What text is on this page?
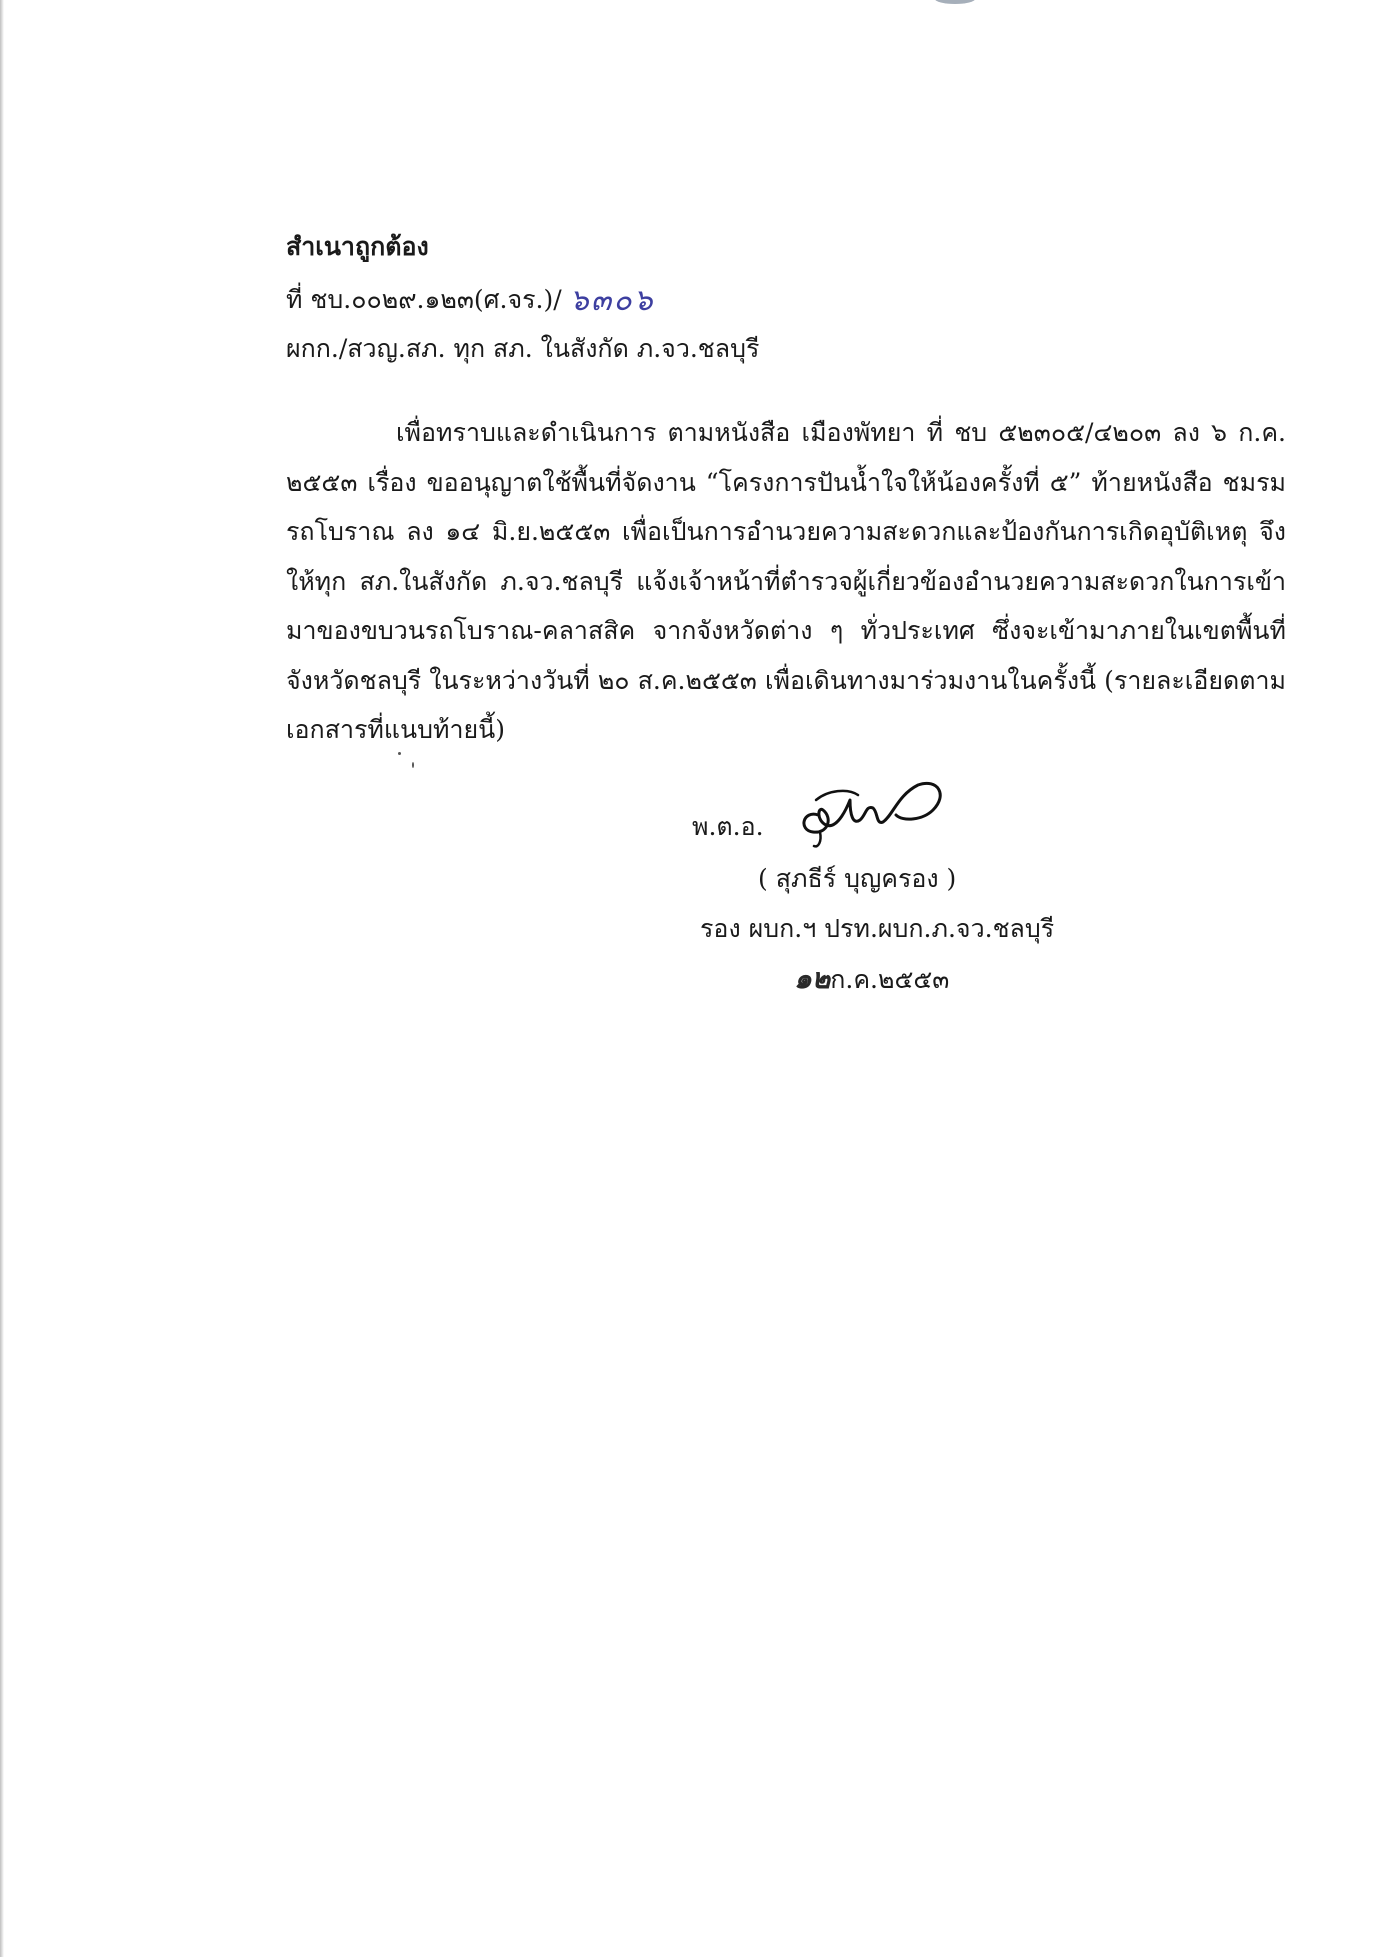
สำเนาถูกต้อง
ที่ ชบ.๐๐๒๙.๑๒๓(ศ.จร.)/ ๖๓๐๖
ผกก./สวญ.สภ. ทุก สภ. ในสังกัด ภ.จว.ชลบุรี
เพื่อทราบและดำเนินการ ตามหนังสือ เมืองพัทยา ที่ ชบ ๕๒๓๐๕/๔๒๐๓ ลง ๖ ก.ค. ๒๕๕๓ เรื่อง ขออนุญาตใช้พื้นที่จัดงาน “โครงการปันน้ำใจให้น้องครั้งที่ ๕” ท้ายหนังสือ ชมรมรถโบราณ ลง ๑๔ มิ.ย.๒๕๕๓ เพื่อเป็นการอำนวยความสะดวกและป้องกันการเกิดอุบัติเหตุ จึงให้ทุก สภ.ในสังกัด ภ.จว.ชลบุรี แจ้งเจ้าหน้าที่ตำรวจผู้เกี่ยวข้องอำนวยความสะดวกในการเข้ามาของขบวนรถโบราณ-คลาสสิค จากจังหวัดต่าง ๆ ทั่วประเทศ ซึ่งจะเข้ามาภายในเขตพื้นที่จังหวัดชลบุรี ในระหว่างวันที่ ๒๐ ส.ค.๒๕๕๓ เพื่อเดินทางมาร่วมงานในครั้งนี้ (รายละเอียดตามเอกสารที่แนบท้ายนี้)
พ.ต.อ.
( สุภธีร์ บุญครอง )
รอง ผบก.ฯ ปรท.ผบก.ภ.จว.ชลบุรี
๑๒ก.ค.๒๕๕๓
